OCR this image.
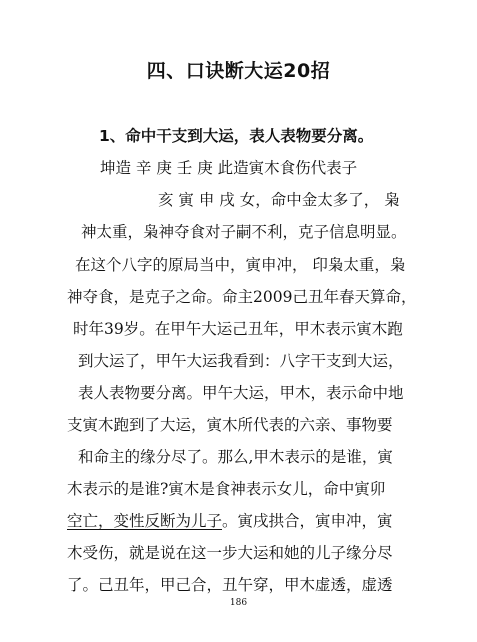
四、口诀断大运20招
1、命中干支到大运，表人表物要分离。
坤造 辛 庚 壬 庚 此造寅木食伤代表子
亥 寅 申 戌 女，命中金太多了， 枭
神太重，枭神夺食对子嗣不利，克子信息明显。
在这个八字的原局当中，寅申冲， 印枭太重，枭
神夺食，是克子之命。命主2009己丑年春天算命，
时年39岁。在甲午大运己丑年，甲木表示寅木跑
到大运了，甲午大运我看到：八字干支到大运，
表人表物要分离。甲午大运，甲木，表示命中地
支寅木跑到了大运，寅木所代表的六亲、事物要
和命主的缘分尽了。那么,甲木表示的是谁，寅
木表示的是谁?寅木是食神表示女儿，命中寅卯
空亡，变性反断为儿子。寅戌拱合，寅申冲，寅
木受伤，就是说在这一步大运和她的儿子缘分尽
了。己丑年，甲己合，丑午穿，甲木虚透，虚透
186
